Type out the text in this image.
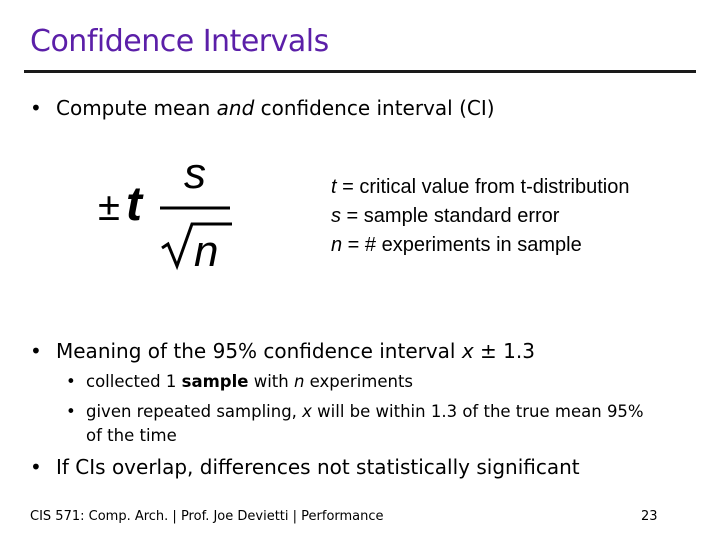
Confidence Intervals
• Compute mean and confidence interval (CI)
± t
s
n
t = critical value from t-distribution
s = sample standard error
n = # experiments in sample
• Meaning of the 95% confidence interval x ± 1.3
• collected 1 sample with n experiments
• given repeated sampling, x will be within 1.3 of the true mean 95%
of the time
• If CIs overlap, differences not statistically significant
CIS 571: Comp. Arch. | Prof. Joe Devietti | Performance	23
